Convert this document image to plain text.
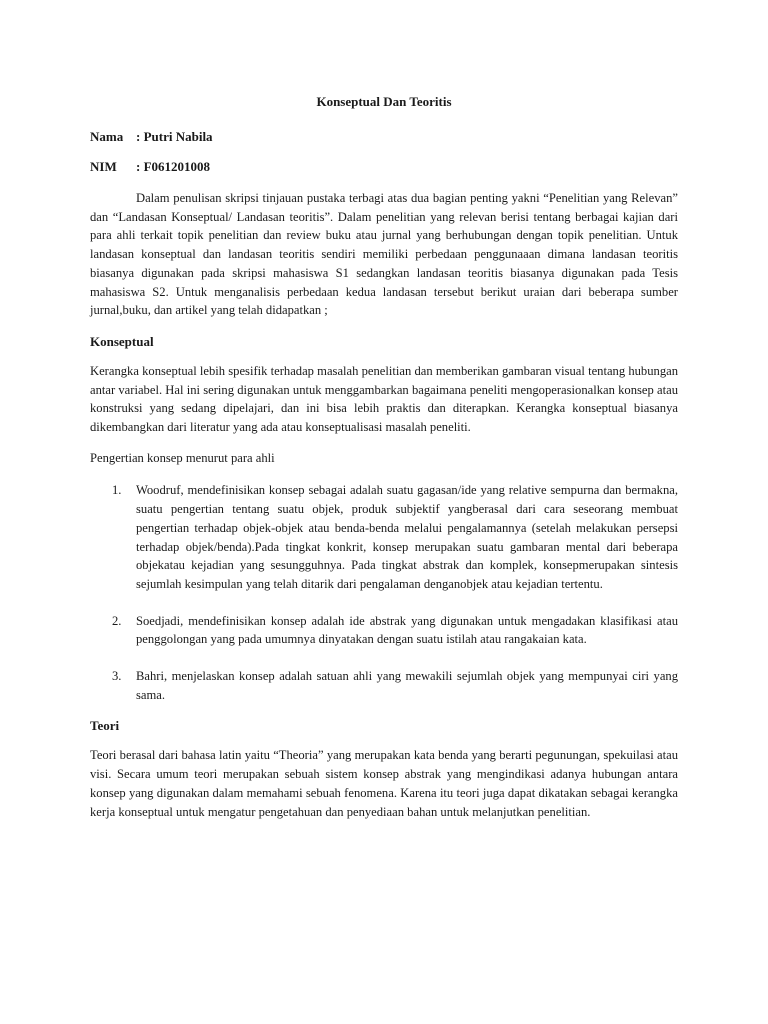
Konseptual Dan Teoritis
Nama : Putri Nabila
NIM	: F061201008

Dalam penulisan skripsi tinjauan pustaka terbagi atas dua bagian penting yakni “Penelitian yang Relevan” dan “Landasan Konseptual/ Landasan teoritis”. Dalam penelitian yang relevan berisi tentang berbagai kajian dari para ahli terkait topik penelitian dan review buku atau jurnal yang berhubungan dengan topik penelitian. Untuk landasan konseptual dan landasan teoritis sendiri memiliki perbedaan penggunaaan dimana landasan teoritis biasanya digunakan pada skripsi mahasiswa S1 sedangkan landasan teoritis biasanya digunakan pada Tesis mahasiswa S2. Untuk menganalisis perbedaan kedua landasan tersebut berikut uraian dari beberapa sumber jurnal,buku, dan artikel yang telah didapatkan ;

Konseptual

Kerangka konseptual lebih spesifik terhadap masalah penelitian dan memberikan gambaran visual tentang hubungan antar variabel. Hal ini sering digunakan untuk menggambarkan bagaimana peneliti mengoperasionalkan konsep atau konstruksi yang sedang dipelajari, dan ini bisa lebih praktis dan diterapkan. Kerangka konseptual biasanya dikembangkan dari literatur yang ada atau konseptualisasi masalah peneliti.

Pengertian konsep menurut para ahli

1. Woodruf, mendefinisikan konsep sebagai adalah suatu gagasan/ide yang relative sempurna dan bermakna, suatu pengertian tentang suatu objek, produk subjektif yangberasal dari cara seseorang membuat pengertian terhadap objek-objek atau benda-benda melalui pengalamannya (setelah melakukan persepsi terhadap objek/benda).Pada tingkat konkrit, konsep merupakan suatu gambaran mental dari beberapa objekatau kejadian yang sesungguhnya. Pada tingkat abstrak dan komplek, konsepmerupakan sintesis sejumlah kesimpulan yang telah ditarik dari pengalaman denganobjek atau kejadian tertentu.
2. Soedjadi, mendefinisikan konsep adalah ide abstrak yang digunakan untuk mengadakan klasifikasi atau penggolongan yang pada umumnya dinyatakan dengan suatu istilah atau rangakaian kata.
3. Bahri, menjelaskan konsep adalah satuan ahli yang mewakili sejumlah objek yang mempunyai ciri yang sama.
Teori

Teori berasal dari bahasa latin yaitu “Theoria” yang merupakan kata benda yang berarti pegunungan, spekuilasi atau visi. Secara umum teori merupakan sebuah sistem konsep abstrak yang mengindikasi adanya hubungan antara konsep yang digunakan dalam memahami sebuah fenomena. Karena itu teori juga dapat dikatakan sebagai kerangka kerja konseptual untuk mengatur pengetahuan dan penyediaan bahan untuk melanjutkan penelitian.
